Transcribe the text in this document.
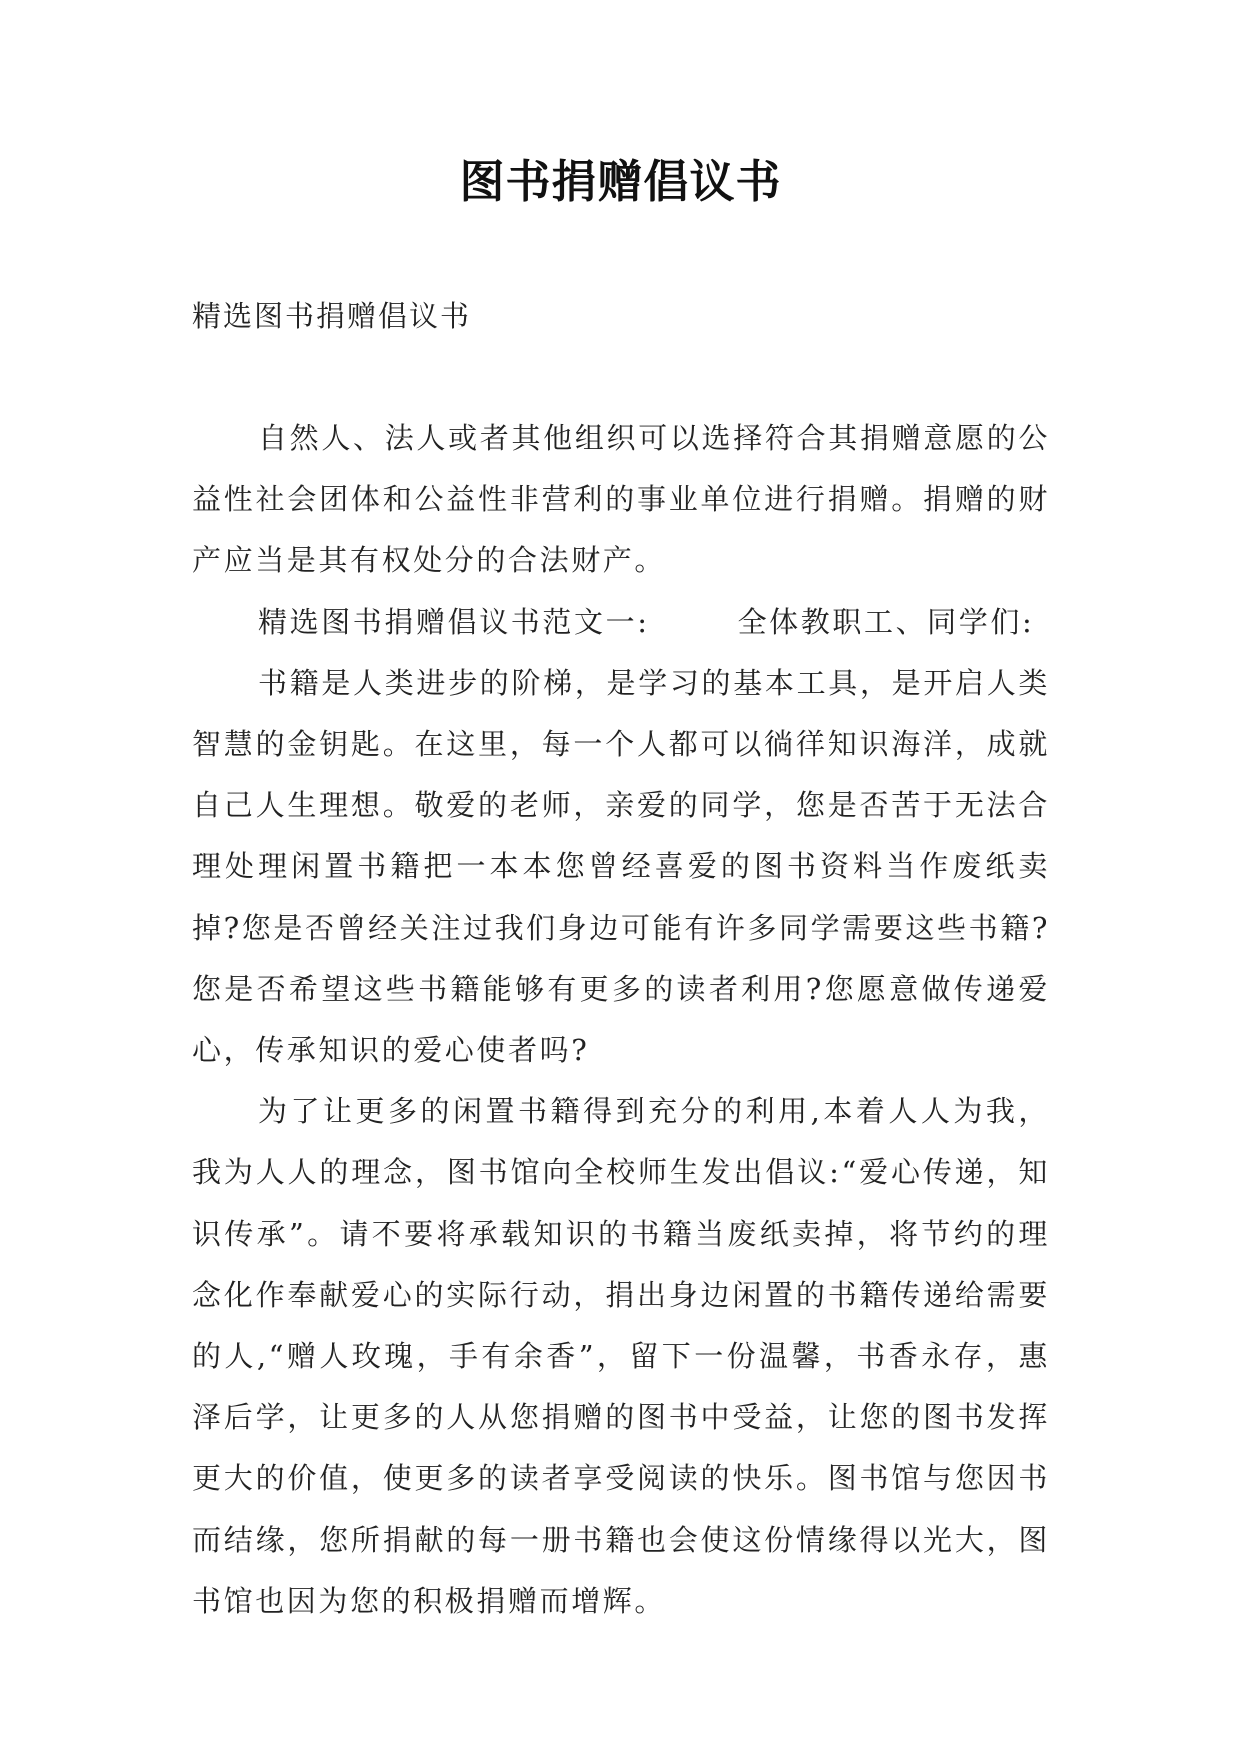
图书捐赠倡议书
精选图书捐赠倡议书

自然人、法人或者其他组织可以选择符合其捐赠意愿的公益性社会团体和公益性非营利的事业单位进行捐赠。捐赠的财产应当是其有权处分的合法财产。

精选图书捐赠倡议书范文一:	全体教职工、同学们:

书籍是人类进步的阶梯，是学习的基本工具，是开启人类智慧的金钥匙。在这里，每一个人都可以徜徉知识海洋，成就自己人生理想。敬爱的老师，亲爱的同学，您是否苦于无法合理处理闲置书籍把一本本您曾经喜爱的图书资料当作废纸卖掉?您是否曾经关注过我们身边可能有许多同学需要这些书籍?您是否希望这些书籍能够有更多的读者利用?您愿意做传递爱心，传承知识的爱心使者吗?

为了让更多的闲置书籍得到充分的利用,本着人人为我，我为人人的理念，图书馆向全校师生发出倡议:“爱心传递，知识传承”。请不要将承载知识的书籍当废纸卖掉，将节约的理念化作奉献爱心的实际行动，捐出身边闲置的书籍传递给需要的人,“赠人玫瑰，手有余香”，留下一份温馨，书香永存，惠泽后学，让更多的人从您捐赠的图书中受益，让您的图书发挥更大的价值，使更多的读者享受阅读的快乐。图书馆与您因书而结缘，您所捐献的每一册书籍也会使这份情缘得以光大，图书馆也因为您的积极捐赠而增辉。
